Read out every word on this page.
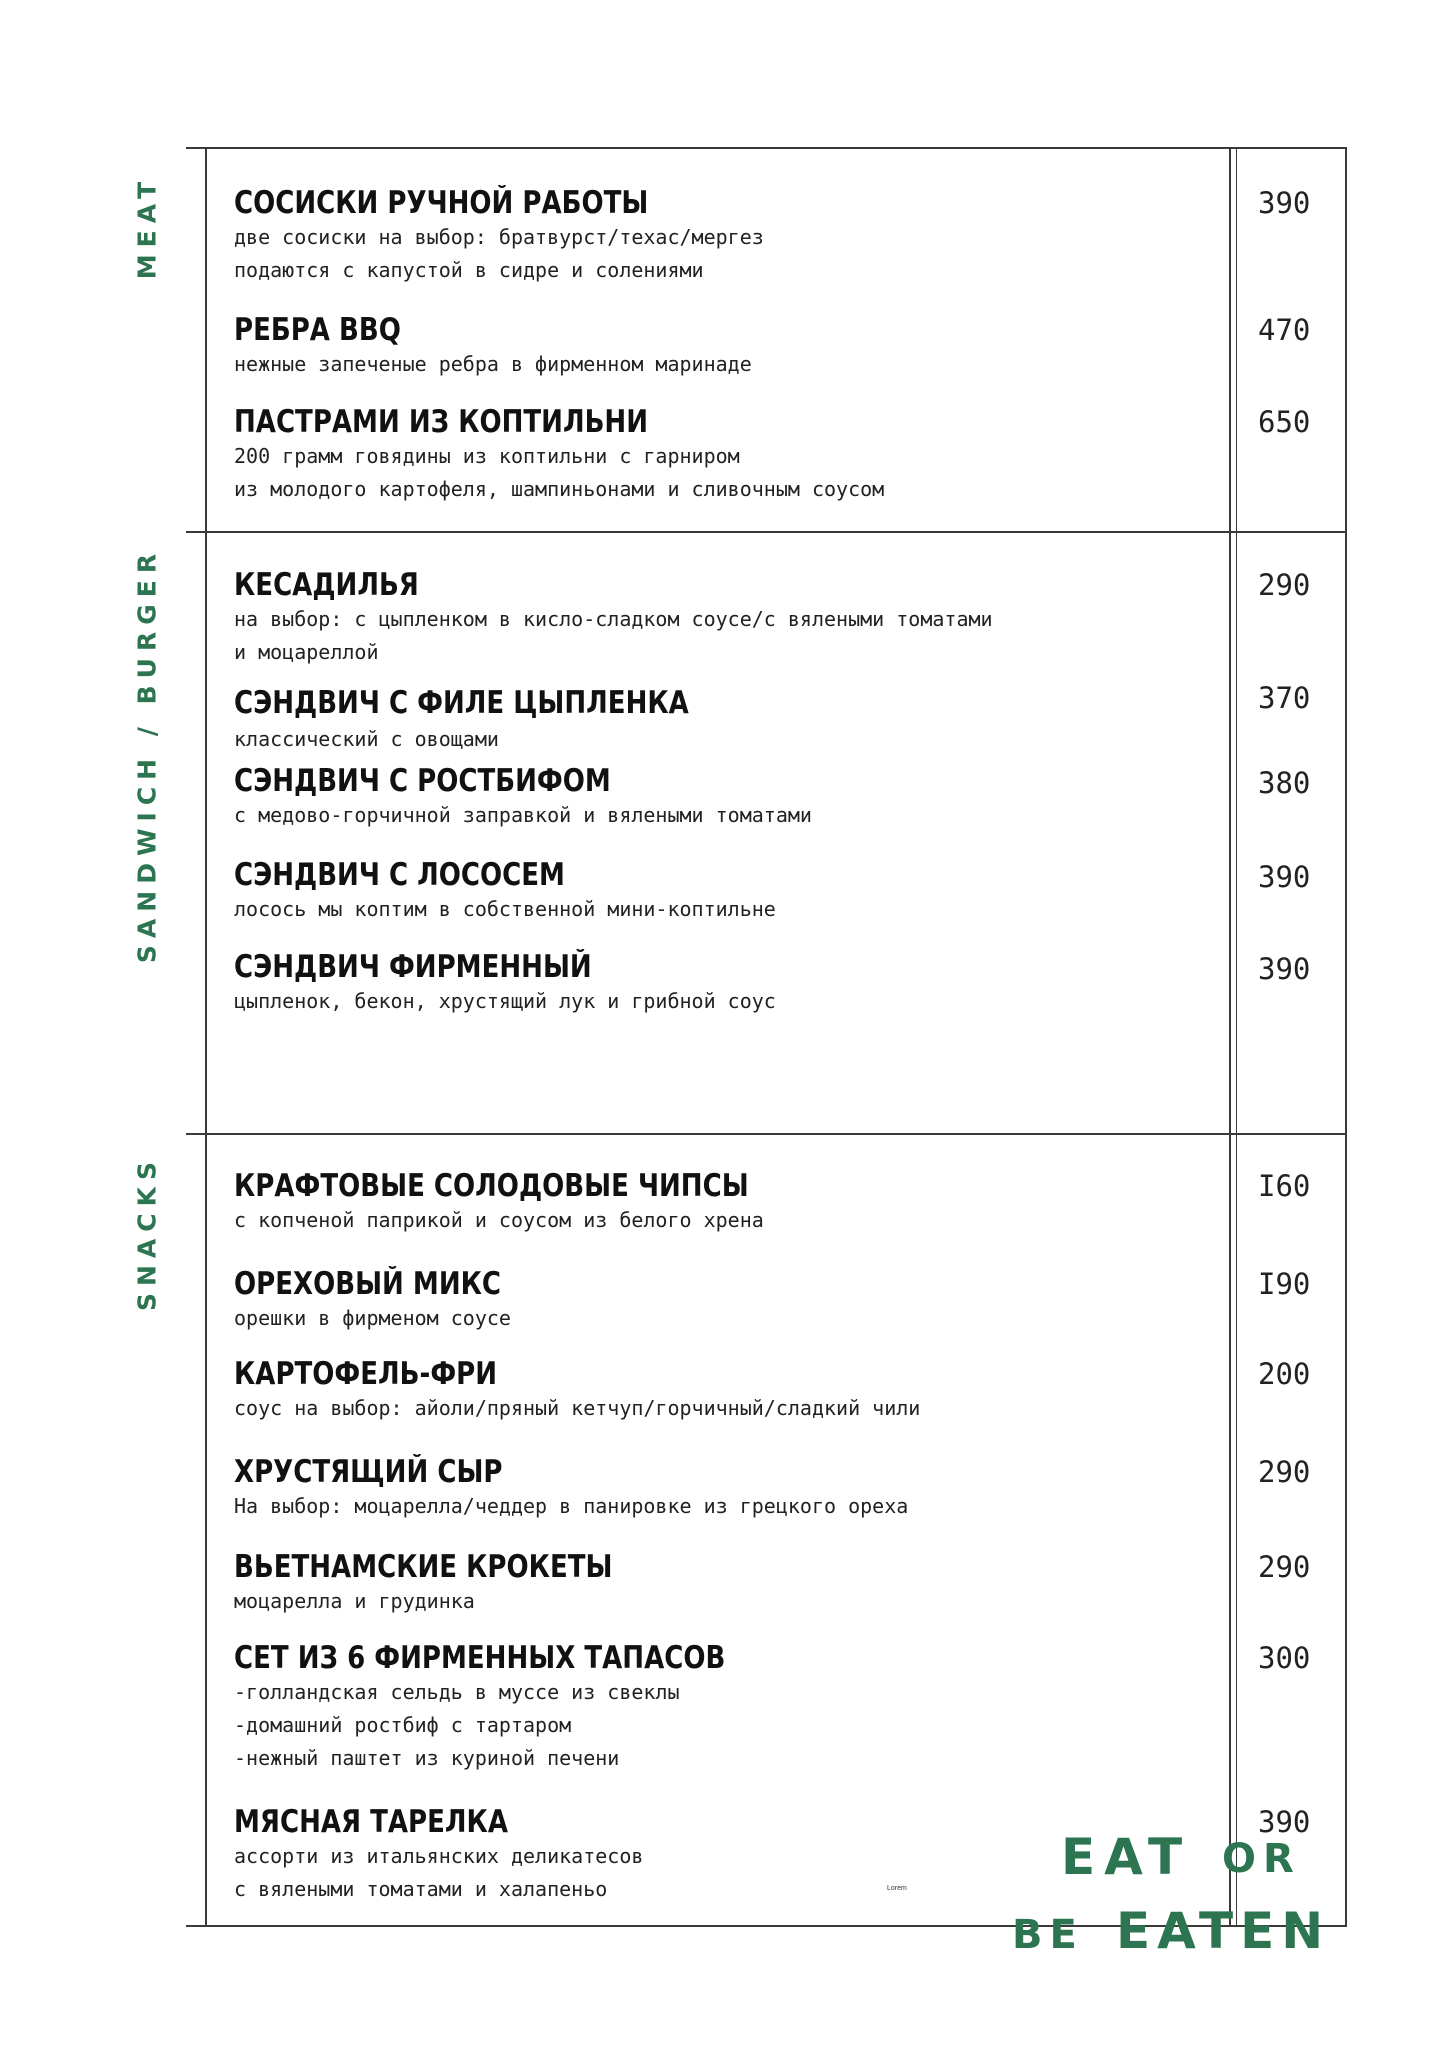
MEAT
SANDWICH / BURGER
SNACKS
СОСИСКИ РУЧНОЙ РАБОТЫ
две сосиски на выбор: братвурст/техас/мергез
подаются с капустой в сидре и солениями
390
РЕБРА BBQ
нежные запеченые ребра в фирменном маринаде
470
ПАСТРАМИ ИЗ КОПТИЛЬНИ
200 грамм говядины из коптильни с гарниром
из молодого картофеля, шампиньонами и сливочным соусом
650
КЕСАДИЛЬЯ
на выбор: с цыпленком в кисло-сладком соусе/с вялеными томатами
и моцареллой
290
СЭНДВИЧ С ФИЛЕ ЦЫПЛЕНКА
классический с овощами
370
СЭНДВИЧ С РОСТБИФОМ
с медово-горчичной заправкой и вялеными томатами
380
СЭНДВИЧ С ЛОСОСЕМ
лосось мы коптим в собственной мини-коптильне
390
СЭНДВИЧ ФИРМЕННЫЙ
цыпленок, бекон, хрустящий лук и грибной соус
390
КРАФТОВЫЕ СОЛОДОВЫЕ ЧИПСЫ
с копченой паприкой и соусом из белого хрена
I60
ОРЕХОВЫЙ МИКС
орешки в фирменом соусе
I90
КАРТОФЕЛЬ-ФРИ
соус на выбор: айоли/пряный кетчуп/горчичный/сладкий чили
200
ХРУСТЯЩИЙ СЫР
На выбор: моцарелла/чеддер в панировке из грецкого ореха
290
ВЬЕТНАМСКИЕ КРОКЕТЫ
моцарелла и грудинка
290
СЕТ ИЗ 6 ФИРМЕННЫХ ТАПАСОВ
-голландская сельдь в муссе из свеклы
-домашний ростбиф с тартаром
-нежный паштет из куриной печени
300
МЯСНАЯ ТАРЕЛКА
ассорти из итальянских деликатесов
с вялеными томатами и халапеньо
390
Lorem
EAT OR
BE EATEN
